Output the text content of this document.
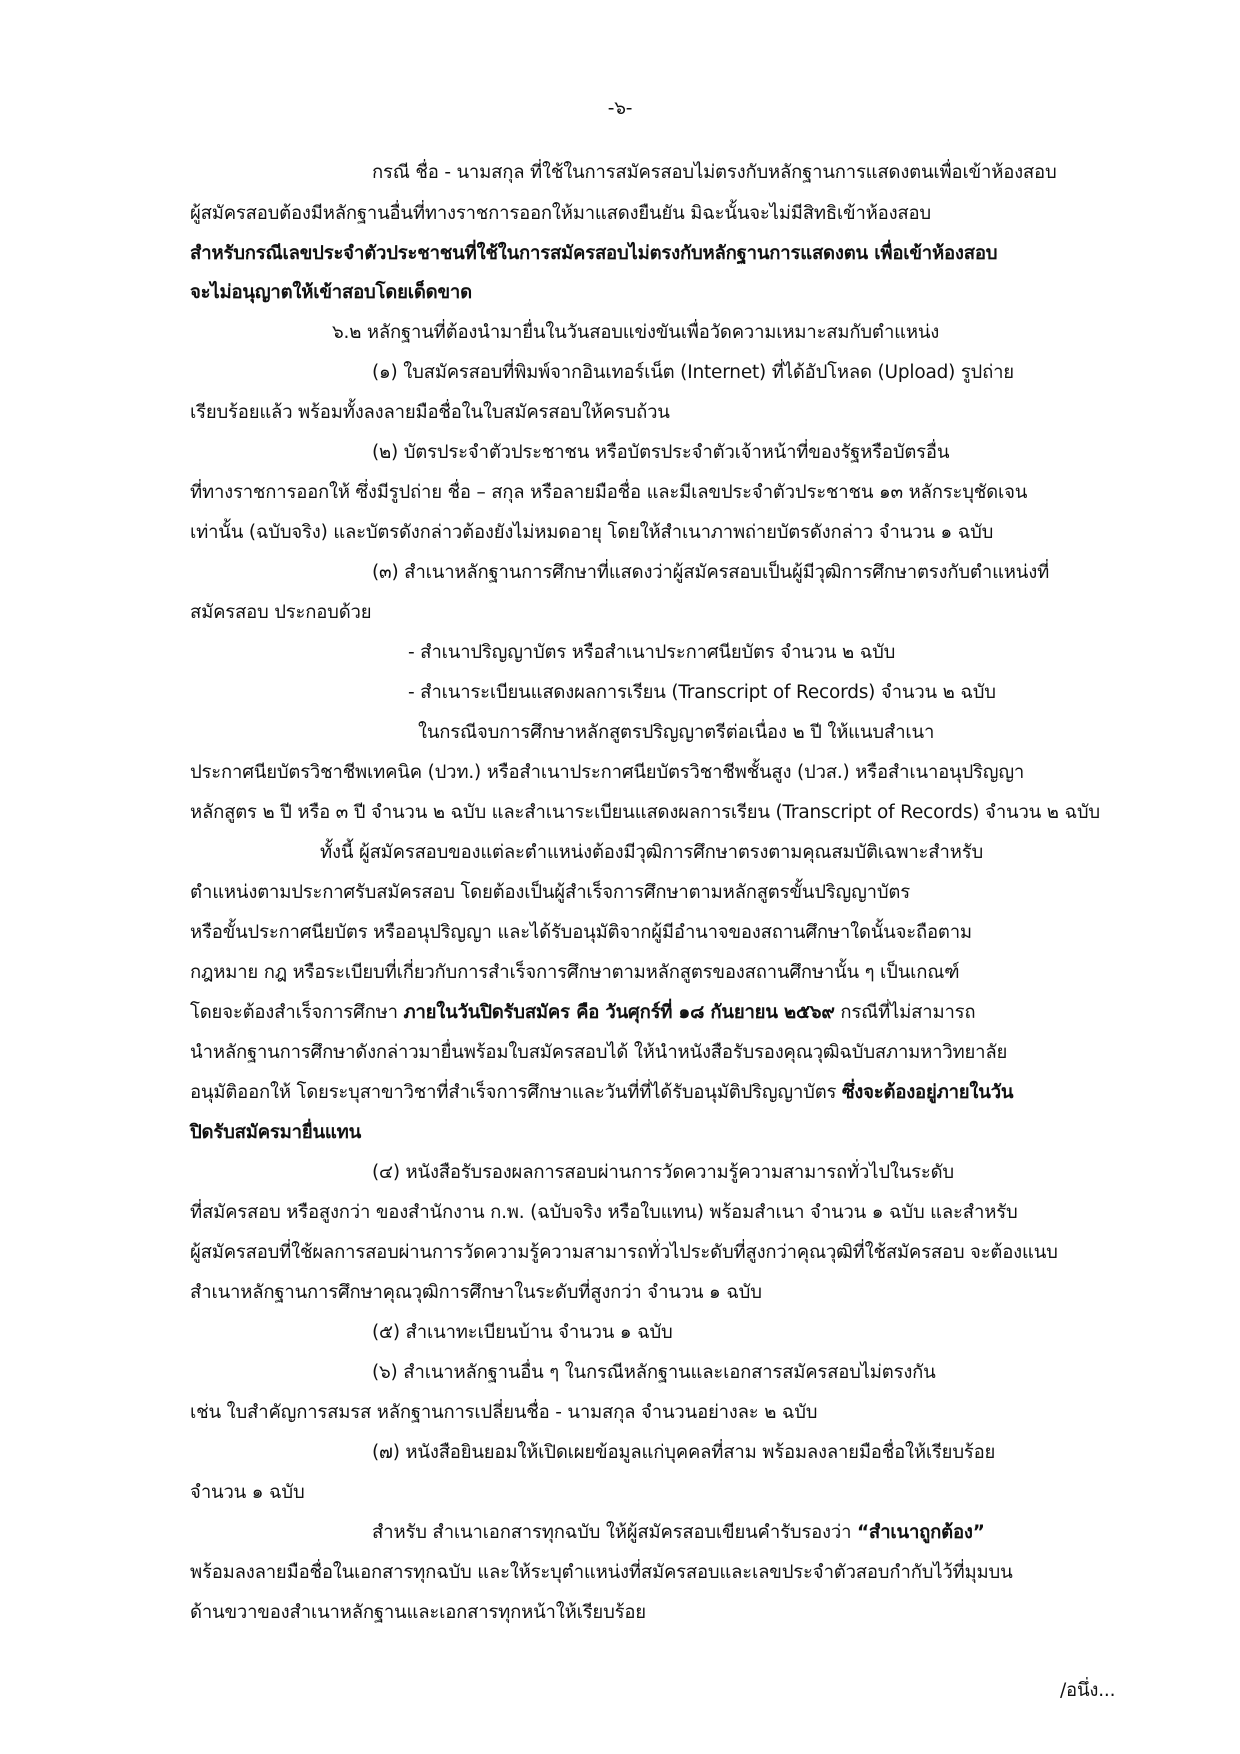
-๖-

กรณี ชื่อ - นามสกุล ที่ใช้ในการสมัครสอบไม่ตรงกับหลักฐานการแสดงตนเพื่อเข้าห้องสอบ

ผู้สมัครสอบต้องมีหลักฐานอื่นที่ทางราชการออกให้มาแสดงยืนยัน มิฉะนั้นจะไม่มีสิทธิเข้าห้องสอบ

สำหรับกรณีเลขประจำตัวประชาชนที่ใช้ในการสมัครสอบไม่ตรงกับหลักฐานการแสดงตน เพื่อเข้าห้องสอบ

จะไม่อนุญาตให้เข้าสอบโดยเด็ดขาด

๖.๒ หลักฐานที่ต้องนำมายื่นในวันสอบแข่งขันเพื่อวัดความเหมาะสมกับตำแหน่ง

(๑) ใบสมัครสอบที่พิมพ์จากอินเทอร์เน็ต (Internet) ที่ได้อัปโหลด (Upload) รูปถ่าย

เรียบร้อยแล้ว พร้อมทั้งลงลายมือชื่อในใบสมัครสอบให้ครบถ้วน

(๒) บัตรประจำตัวประชาชน หรือบัตรประจำตัวเจ้าหน้าที่ของรัฐหรือบัตรอื่น

ที่ทางราชการออกให้ ซึ่งมีรูปถ่าย ชื่อ – สกุล หรือลายมือชื่อ และมีเลขประจำตัวประชาชน ๑๓ หลักระบุชัดเจน

เท่านั้น (ฉบับจริง) และบัตรดังกล่าวต้องยังไม่หมดอายุ โดยให้สำเนาภาพถ่ายบัตรดังกล่าว จำนวน ๑ ฉบับ

(๓) สำเนาหลักฐานการศึกษาที่แสดงว่าผู้สมัครสอบเป็นผู้มีวุฒิการศึกษาตรงกับตำแหน่งที่

สมัครสอบ ประกอบด้วย

- สำเนาปริญญาบัตร หรือสำเนาประกาศนียบัตร จำนวน ๒ ฉบับ

- สำเนาระเบียนแสดงผลการเรียน (Transcript of Records) จำนวน ๒ ฉบับ

ในกรณีจบการศึกษาหลักสูตรปริญญาตรีต่อเนื่อง ๒ ปี ให้แนบสำเนา

ประกาศนียบัตรวิชาชีพเทคนิค (ปวท.) หรือสำเนาประกาศนียบัตรวิชาชีพชั้นสูง (ปวส.) หรือสำเนาอนุปริญญา

หลักสูตร ๒ ปี หรือ ๓ ปี จำนวน ๒ ฉบับ และสำเนาระเบียนแสดงผลการเรียน (Transcript of Records) จำนวน ๒ ฉบับ

ทั้งนี้ ผู้สมัครสอบของแต่ละตำแหน่งต้องมีวุฒิการศึกษาตรงตามคุณสมบัติเฉพาะสำหรับ

ตำแหน่งตามประกาศรับสมัครสอบ โดยต้องเป็นผู้สำเร็จการศึกษาตามหลักสูตรขั้นปริญญาบัตร

หรือขั้นประกาศนียบัตร หรืออนุปริญญา และได้รับอนุมัติจากผู้มีอำนาจของสถานศึกษาใดนั้นจะถือตาม

กฎหมาย กฎ หรือระเบียบที่เกี่ยวกับการสำเร็จการศึกษาตามหลักสูตรของสถานศึกษานั้น ๆ เป็นเกณฑ์

โดยจะต้องสำเร็จการศึกษา ภายในวันปิดรับสมัคร คือ วันศุกร์ที่ ๑๘ กันยายน ๒๕๖๙ กรณีที่ไม่สามารถ

นำหลักฐานการศึกษาดังกล่าวมายื่นพร้อมใบสมัครสอบได้ ให้นำหนังสือรับรองคุณวุฒิฉบับสภามหาวิทยาลัย

อนุมัติออกให้ โดยระบุสาขาวิชาที่สำเร็จการศึกษาและวันที่ที่ได้รับอนุมัติปริญญาบัตร ซึ่งจะต้องอยู่ภายในวัน

ปิดรับสมัครมายื่นแทน

(๔) หนังสือรับรองผลการสอบผ่านการวัดความรู้ความสามารถทั่วไปในระดับ

ที่สมัครสอบ หรือสูงกว่า ของสำนักงาน ก.พ. (ฉบับจริง หรือใบแทน) พร้อมสำเนา จำนวน ๑ ฉบับ และสำหรับ

ผู้สมัครสอบที่ใช้ผลการสอบผ่านการวัดความรู้ความสามารถทั่วไประดับที่สูงกว่าคุณวุฒิที่ใช้สมัครสอบ จะต้องแนบ

สำเนาหลักฐานการศึกษาคุณวุฒิการศึกษาในระดับที่สูงกว่า จำนวน ๑ ฉบับ

(๕) สำเนาทะเบียนบ้าน จำนวน ๑ ฉบับ

(๖) สำเนาหลักฐานอื่น ๆ ในกรณีหลักฐานและเอกสารสมัครสอบไม่ตรงกัน

เช่น ใบสำคัญการสมรส หลักฐานการเปลี่ยนชื่อ - นามสกุล จำนวนอย่างละ ๒ ฉบับ

(๗) หนังสือยินยอมให้เปิดเผยข้อมูลแก่บุคคลที่สาม พร้อมลงลายมือชื่อให้เรียบร้อย

จำนวน ๑ ฉบับ

สำหรับ สำเนาเอกสารทุกฉบับ ให้ผู้สมัครสอบเขียนคำรับรองว่า “สำเนาถูกต้อง”

พร้อมลงลายมือชื่อในเอกสารทุกฉบับ และให้ระบุตำแหน่งที่สมัครสอบและเลขประจำตัวสอบกำกับไว้ที่มุมบน

ด้านขวาของสำเนาหลักฐานและเอกสารทุกหน้าให้เรียบร้อย

/อนึ่ง...
